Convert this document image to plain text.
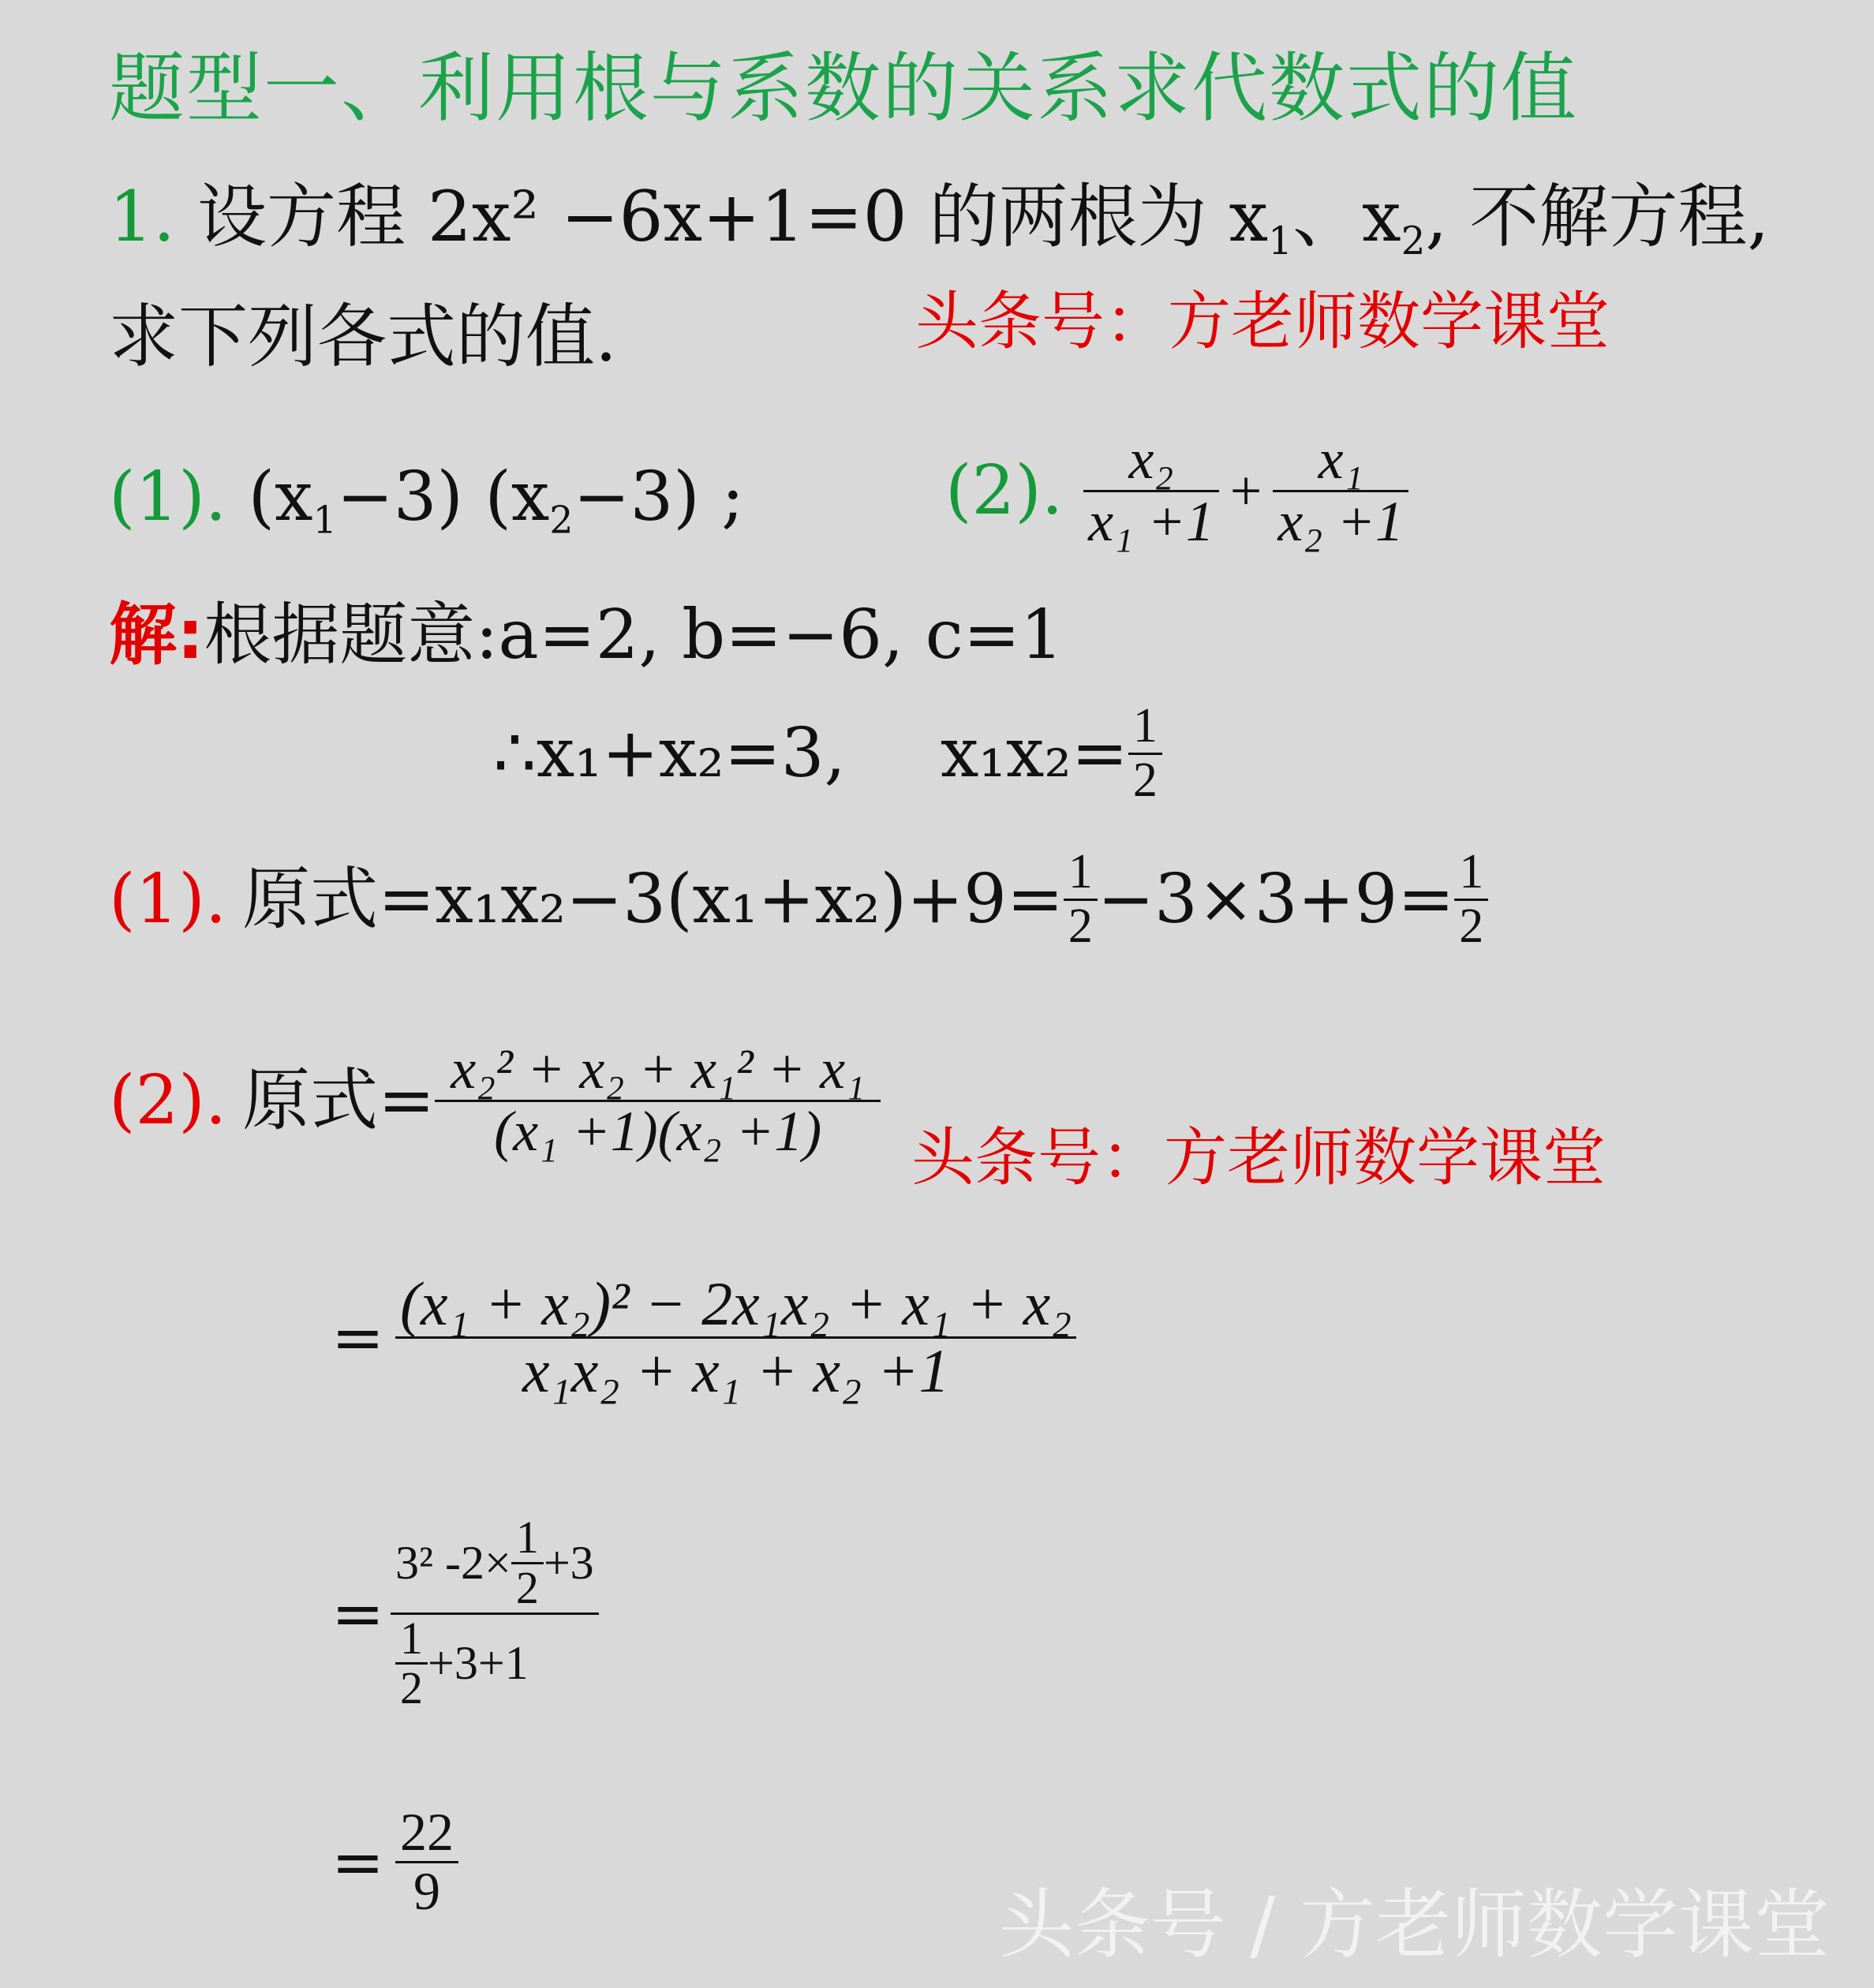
题型一、利用根与系数的关系求代数式的值
1. 设方程 2x² −6x+1=0 的两根为 $x_1$、$x_2$, 不解方程,
求下列各式的值.	头条号：方老师数学课堂
(1). $(x_1-3)$ $(x_2-3)$ ;	(2). $\frac{\text{x₂}}{\text{x₁ +1}} + \frac{\text{x₁}}{\text{x₂ +1}}$
解:根据题意:a=2, b=−6, c=1
∴ x₁+x₂=3, $x_1x_2= \frac{1}{2}$
(1). 原式$=x_1x_2-3(x_1+x_2)+9= \frac{1}{2} -3\times 3+9= \frac{1}{2}$
(2). 原式= $\frac{\text{x₂² + x₂ + x₁² + x₁}}{\text{(x₁ +1)(x₂ +1)}}$ 头条号：方老师数学课堂
= $\frac{\text{(x₁ + x₂)² − 2x₁x₂ + x₁ + x₂}}{\text{x₁x₂ + x₁ + x₂ +1}}$
= $\frac{3^2 -2\times \frac{1}{2} +3}{\frac{1}{2} +3+1}$
= $\frac{22}{9}$
头条号 / 方老师数学课堂
